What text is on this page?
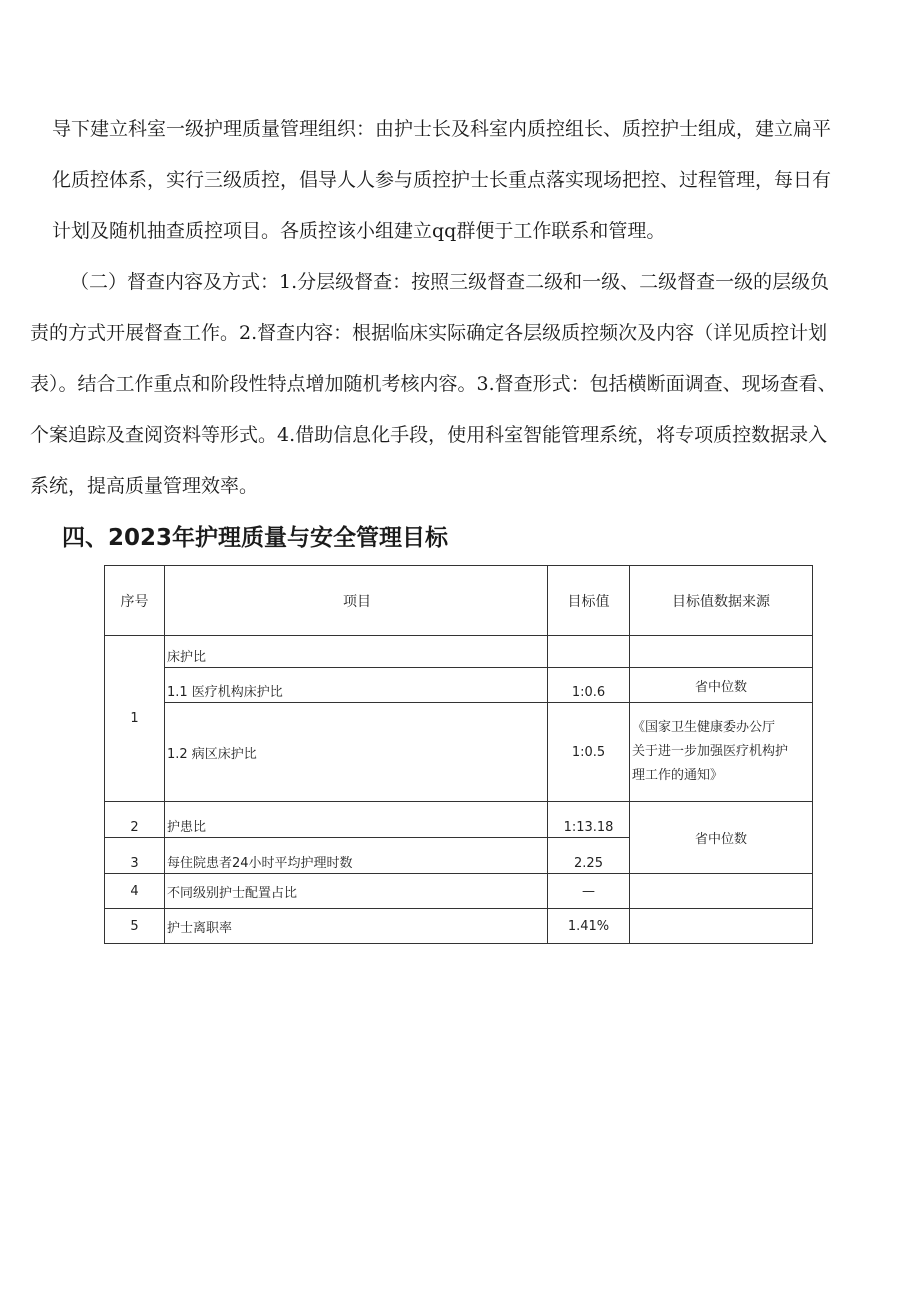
导下建立科室一级护理质量管理组织：由护士长及科室内质控组长、质控护士组成，建立扁平
化质控体系，实行三级质控，倡导人人参与质控护士长重点落实现场把控、过程管理，每日有
计划及随机抽查质控项目。各质控该小组建立qq群便于工作联系和管理。
（二）督查内容及方式：1.分层级督查：按照三级督查二级和一级、二级督查一级的层级负
责的方式开展督查工作。2.督查内容：根据临床实际确定各层级质控频次及内容（详见质控计划
表）。结合工作重点和阶段性特点增加随机考核内容。3.督查形式：包括横断面调查、现场查看、
个案追踪及查阅资料等形式。4.借助信息化手段，使用科室智能管理系统，将专项质控数据录入
系统，提高质量管理效率。
四、2023年护理质量与安全管理目标
序号	项目	目标值	目标值数据来源
1	床护比		
	1.1 医疗机构床护比	1:0.6	省中位数
	1.2 病区床护比	1:0.5	《国家卫生健康委办公厅
关于进一步加强医疗机构护
理工作的通知》

2	护患比	1:13.18	省中位数
3	每住院患者24小时平均护理时数	2.25	
4	不同级别护士配置占比	—	
5	护士离职率	1.41%	
